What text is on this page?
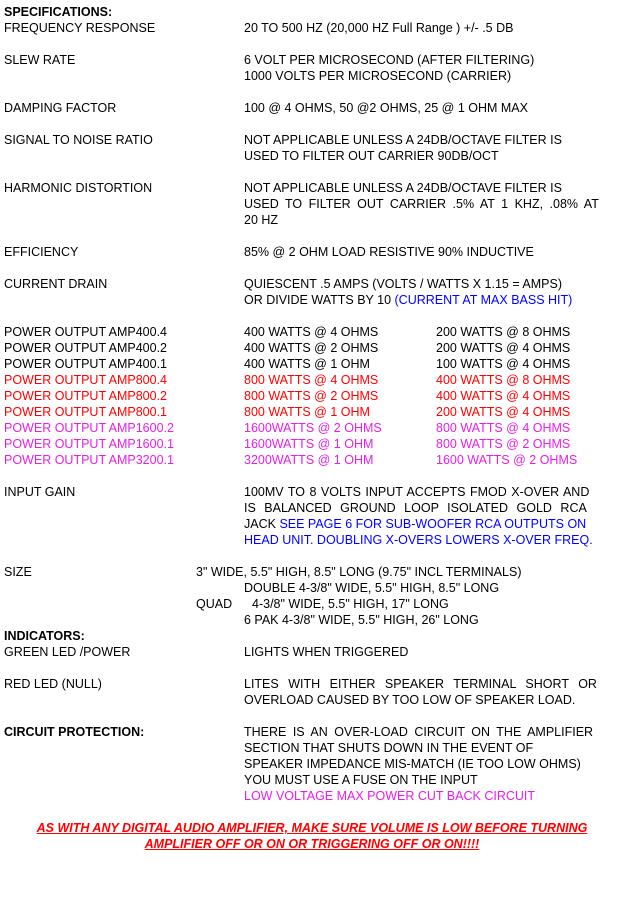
SPECIFICATIONS:
FREQUENCY RESPONSE	20 TO 500 HZ (20,000 HZ Full Range ) +/- .5 DB
SLEW RATE	6 VOLT PER MICROSECOND (AFTER FILTERING)
1000 VOLTS PER MICROSECOND (CARRIER)
DAMPING FACTOR	100 @ 4 OHMS, 50 @2 OHMS, 25 @ 1 OHM MAX
SIGNAL TO NOISE RATIO	NOT APPLICABLE UNLESS A 24DB/OCTAVE FILTER IS
USED TO FILTER OUT CARRIER 90DB/OCT
HARMONIC DISTORTION	NOT APPLICABLE UNLESS A 24DB/OCTAVE FILTER IS
USED TO FILTER OUT CARRIER .5% AT 1 KHZ, .08% AT
20 HZ
EFFICIENCY	85% @ 2 OHM LOAD RESISTIVE 90% INDUCTIVE
CURRENT DRAIN	QUIESCENT .5 AMPS (VOLTS / WATTS X 1.15 = AMPS)
OR DIVIDE WATTS BY 10 (CURRENT AT MAX BASS HIT)
POWER OUTPUT AMP400.4	400 WATTS @ 4 OHMS	200 WATTS @ 8 OHMS
POWER OUTPUT AMP400.2	400 WATTS @ 2 OHMS	200 WATTS @ 4 OHMS
POWER OUTPUT AMP400.1	400 WATTS @ 1 OHM	100 WATTS @ 4 OHMS
POWER OUTPUT AMP800.4	800 WATTS @ 4 OHMS	400 WATTS @ 8 OHMS
POWER OUTPUT AMP800.2	800 WATTS @ 2 OHMS	400 WATTS @ 4 OHMS
POWER OUTPUT AMP800.1	800 WATTS @ 1 OHM	200 WATTS @ 4 OHMS
POWER OUTPUT AMP1600.2	1600WATTS @ 2 OHMS	800 WATTS @ 4 OHMS
POWER OUTPUT AMP1600.1	1600WATTS @ 1 OHM	800 WATTS @ 2 OHMS
POWER OUTPUT AMP3200.1	3200WATTS @ 1 OHM	1600 WATTS @ 2 OHMS
INPUT GAIN	100MV TO 8 VOLTS INPUT ACCEPTS FMOD X-OVER AND
IS BALANCED GROUND LOOP ISOLATED GOLD RCA
JACK SEE PAGE 6 FOR SUB-WOOFER RCA OUTPUTS ON
HEAD UNIT. DOUBLING X-OVERS LOWERS X-OVER FREQ.
SIZE	3" WIDE, 5.5" HIGH, 8.5" LONG (9.75" INCL TERMINALS)
DOUBLE 4-3/8" WIDE, 5.5" HIGH, 8.5" LONG
QUAD 4-3/8" WIDE, 5.5" HIGH, 17" LONG
6 PAK 4-3/8" WIDE, 5.5" HIGH, 26" LONG
INDICATORS:
GREEN LED /POWER	LIGHTS WHEN TRIGGERED
RED LED (NULL)	LITES WITH EITHER SPEAKER TERMINAL SHORT OR
OVERLOAD CAUSED BY TOO LOW OF SPEAKER LOAD.
CIRCUIT PROTECTION:	THERE IS AN OVER-LOAD CIRCUIT ON THE AMPLIFIER
SECTION THAT SHUTS DOWN IN THE EVENT OF
SPEAKER IMPEDANCE MIS-MATCH (IE TOO LOW OHMS)
YOU MUST USE A FUSE ON THE INPUT
LOW VOLTAGE MAX POWER CUT BACK CIRCUIT
AS WITH ANY DIGITAL AUDIO AMPLIFIER, MAKE SURE VOLUME IS LOW BEFORE TURNING
AMPLIFIER OFF OR ON OR TRIGGERING OFF OR ON!!!!
